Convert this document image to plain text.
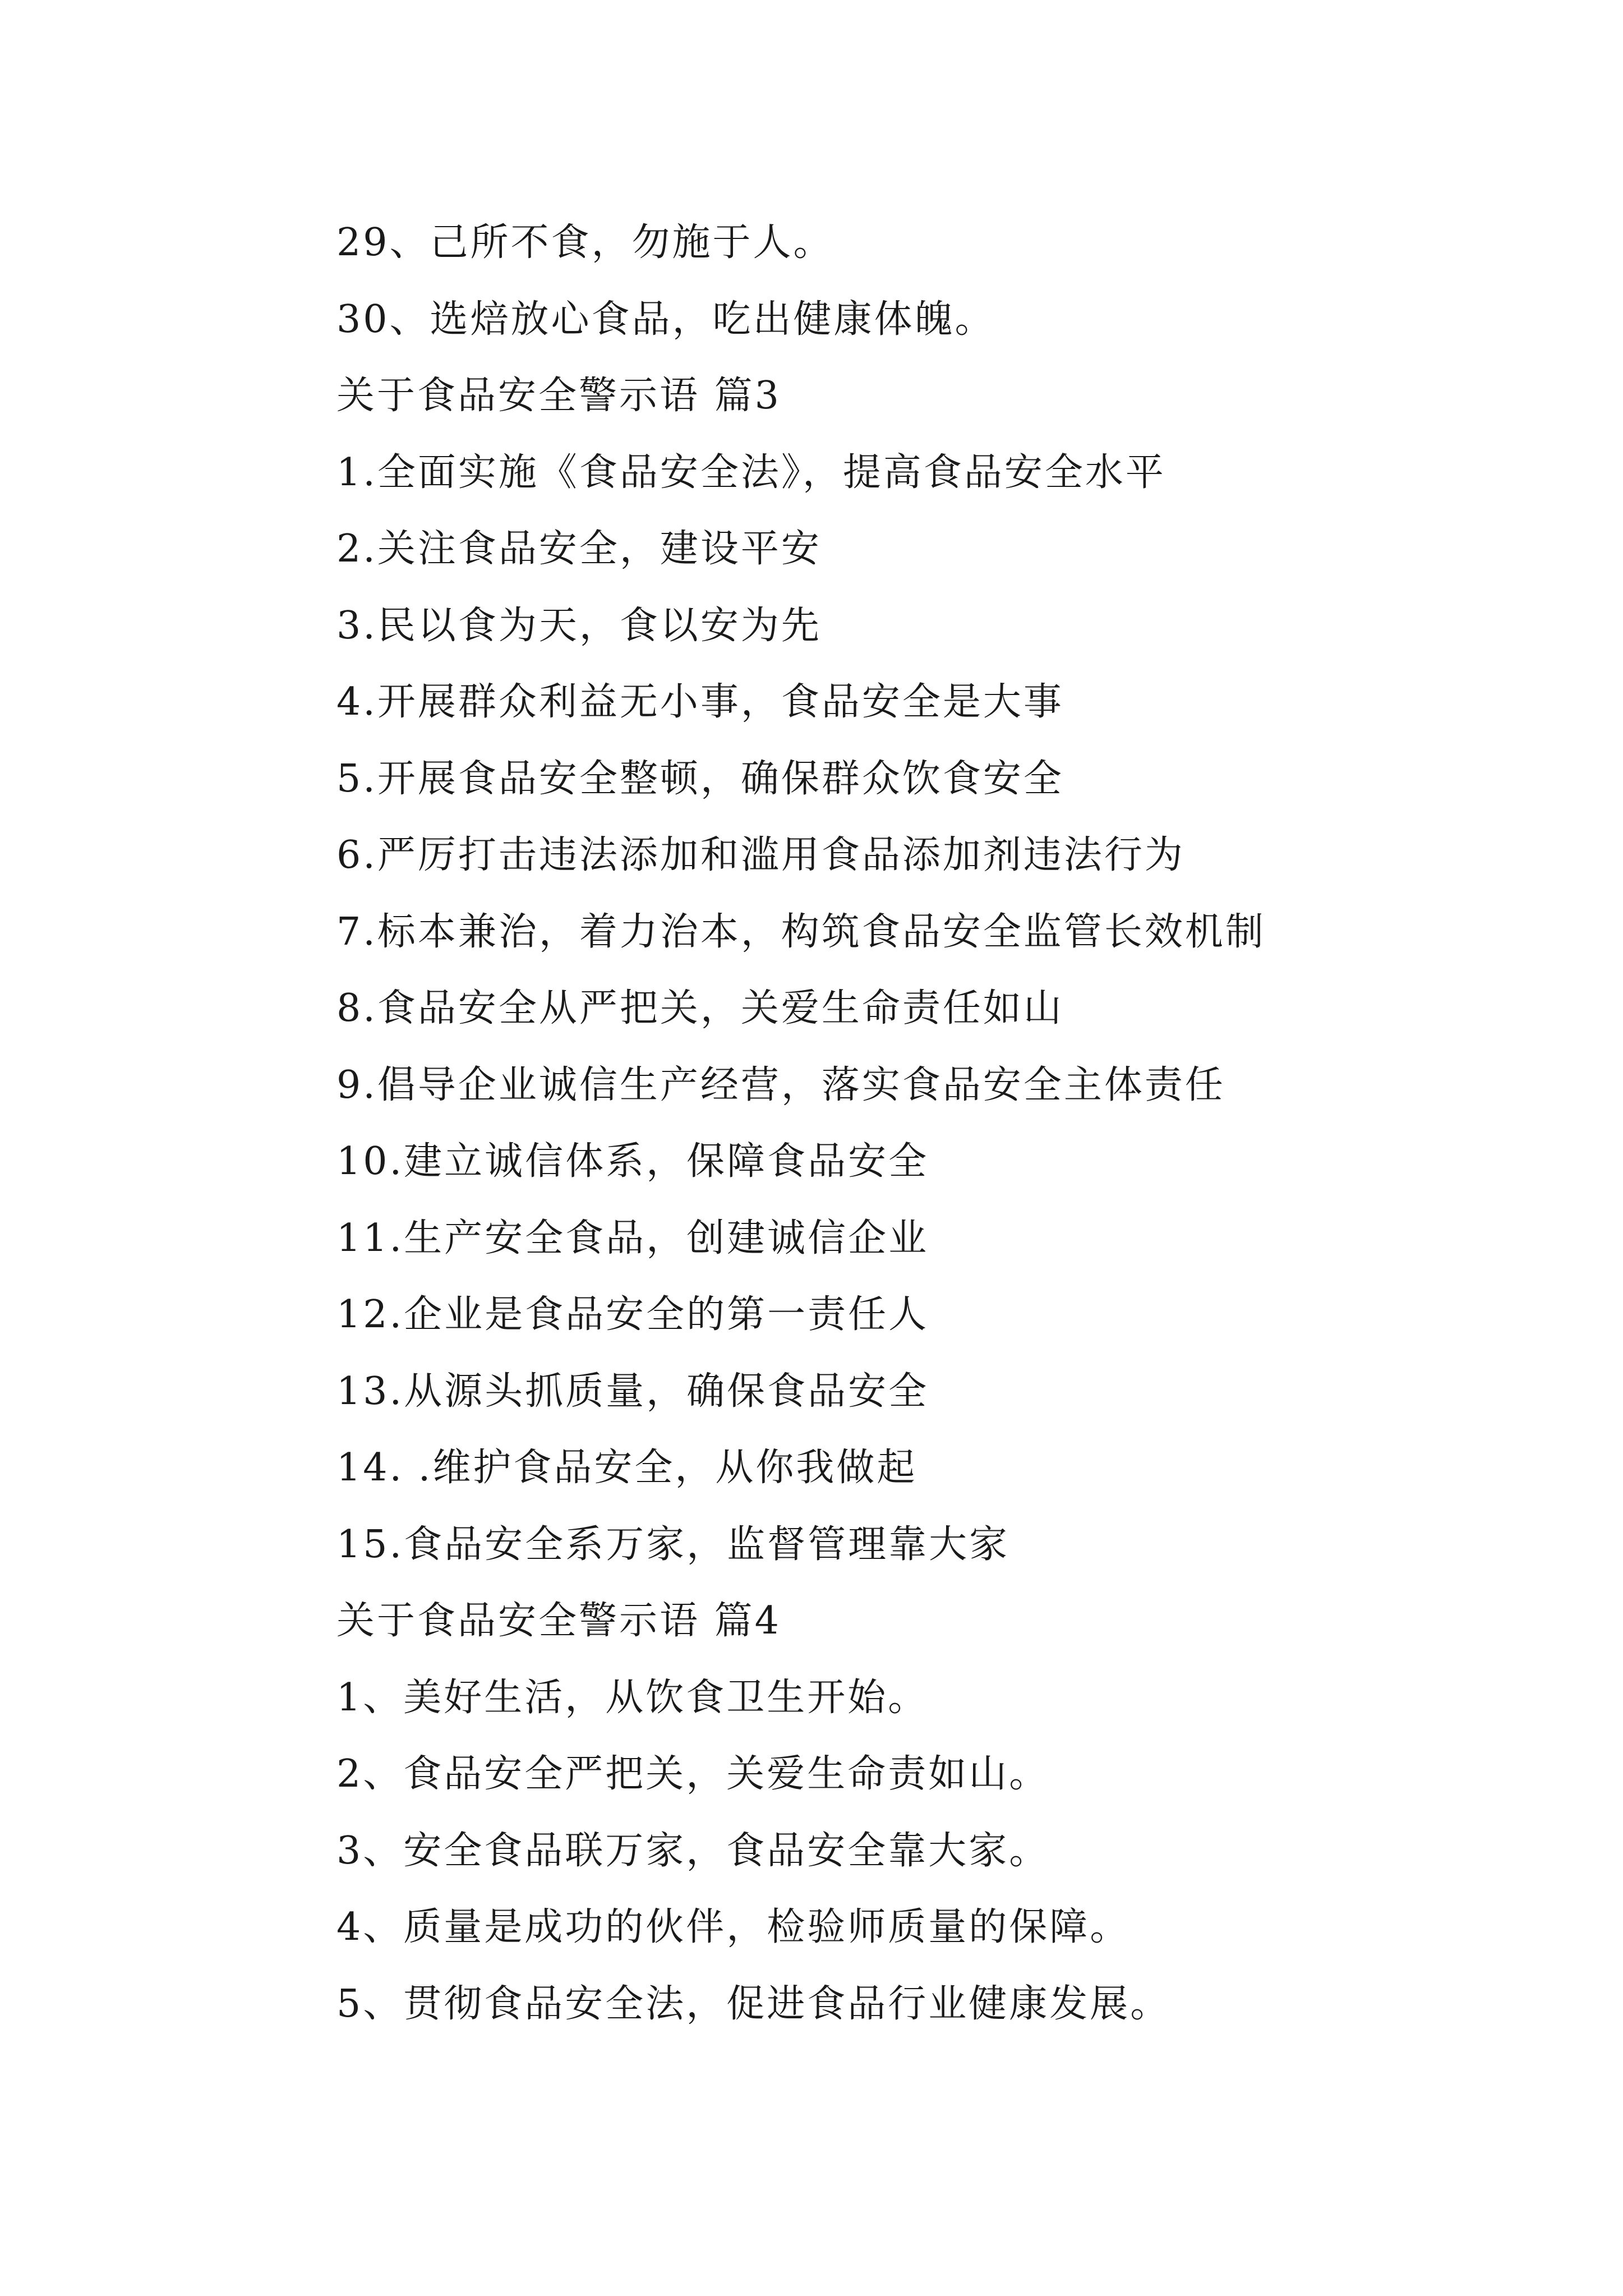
29、己所不食，勿施于人。
30、选焙放心食品，吃出健康体魄。
关于食品安全警示语 篇3
1.全面实施《食品安全法》，提高食品安全水平
2.关注食品安全，建设平安
3.民以食为天，食以安为先
4.开展群众利益无小事，食品安全是大事
5.开展食品安全整顿，确保群众饮食安全
6.严厉打击违法添加和滥用食品添加剂违法行为
7.标本兼治，着力治本，构筑食品安全监管长效机制
8.食品安全从严把关，关爱生命责任如山
9.倡导企业诚信生产经营，落实食品安全主体责任
10.建立诚信体系，保障食品安全
11.生产安全食品，创建诚信企业
12.企业是食品安全的第一责任人
13.从源头抓质量，确保食品安全
14. .维护食品安全，从你我做起
15.食品安全系万家，监督管理靠大家
关于食品安全警示语 篇4
1、美好生活，从饮食卫生开始。
2、食品安全严把关，关爱生命责如山。
3、安全食品联万家，食品安全靠大家。
4、质量是成功的伙伴，检验师质量的保障。
5、贯彻食品安全法，促进食品行业健康发展。
